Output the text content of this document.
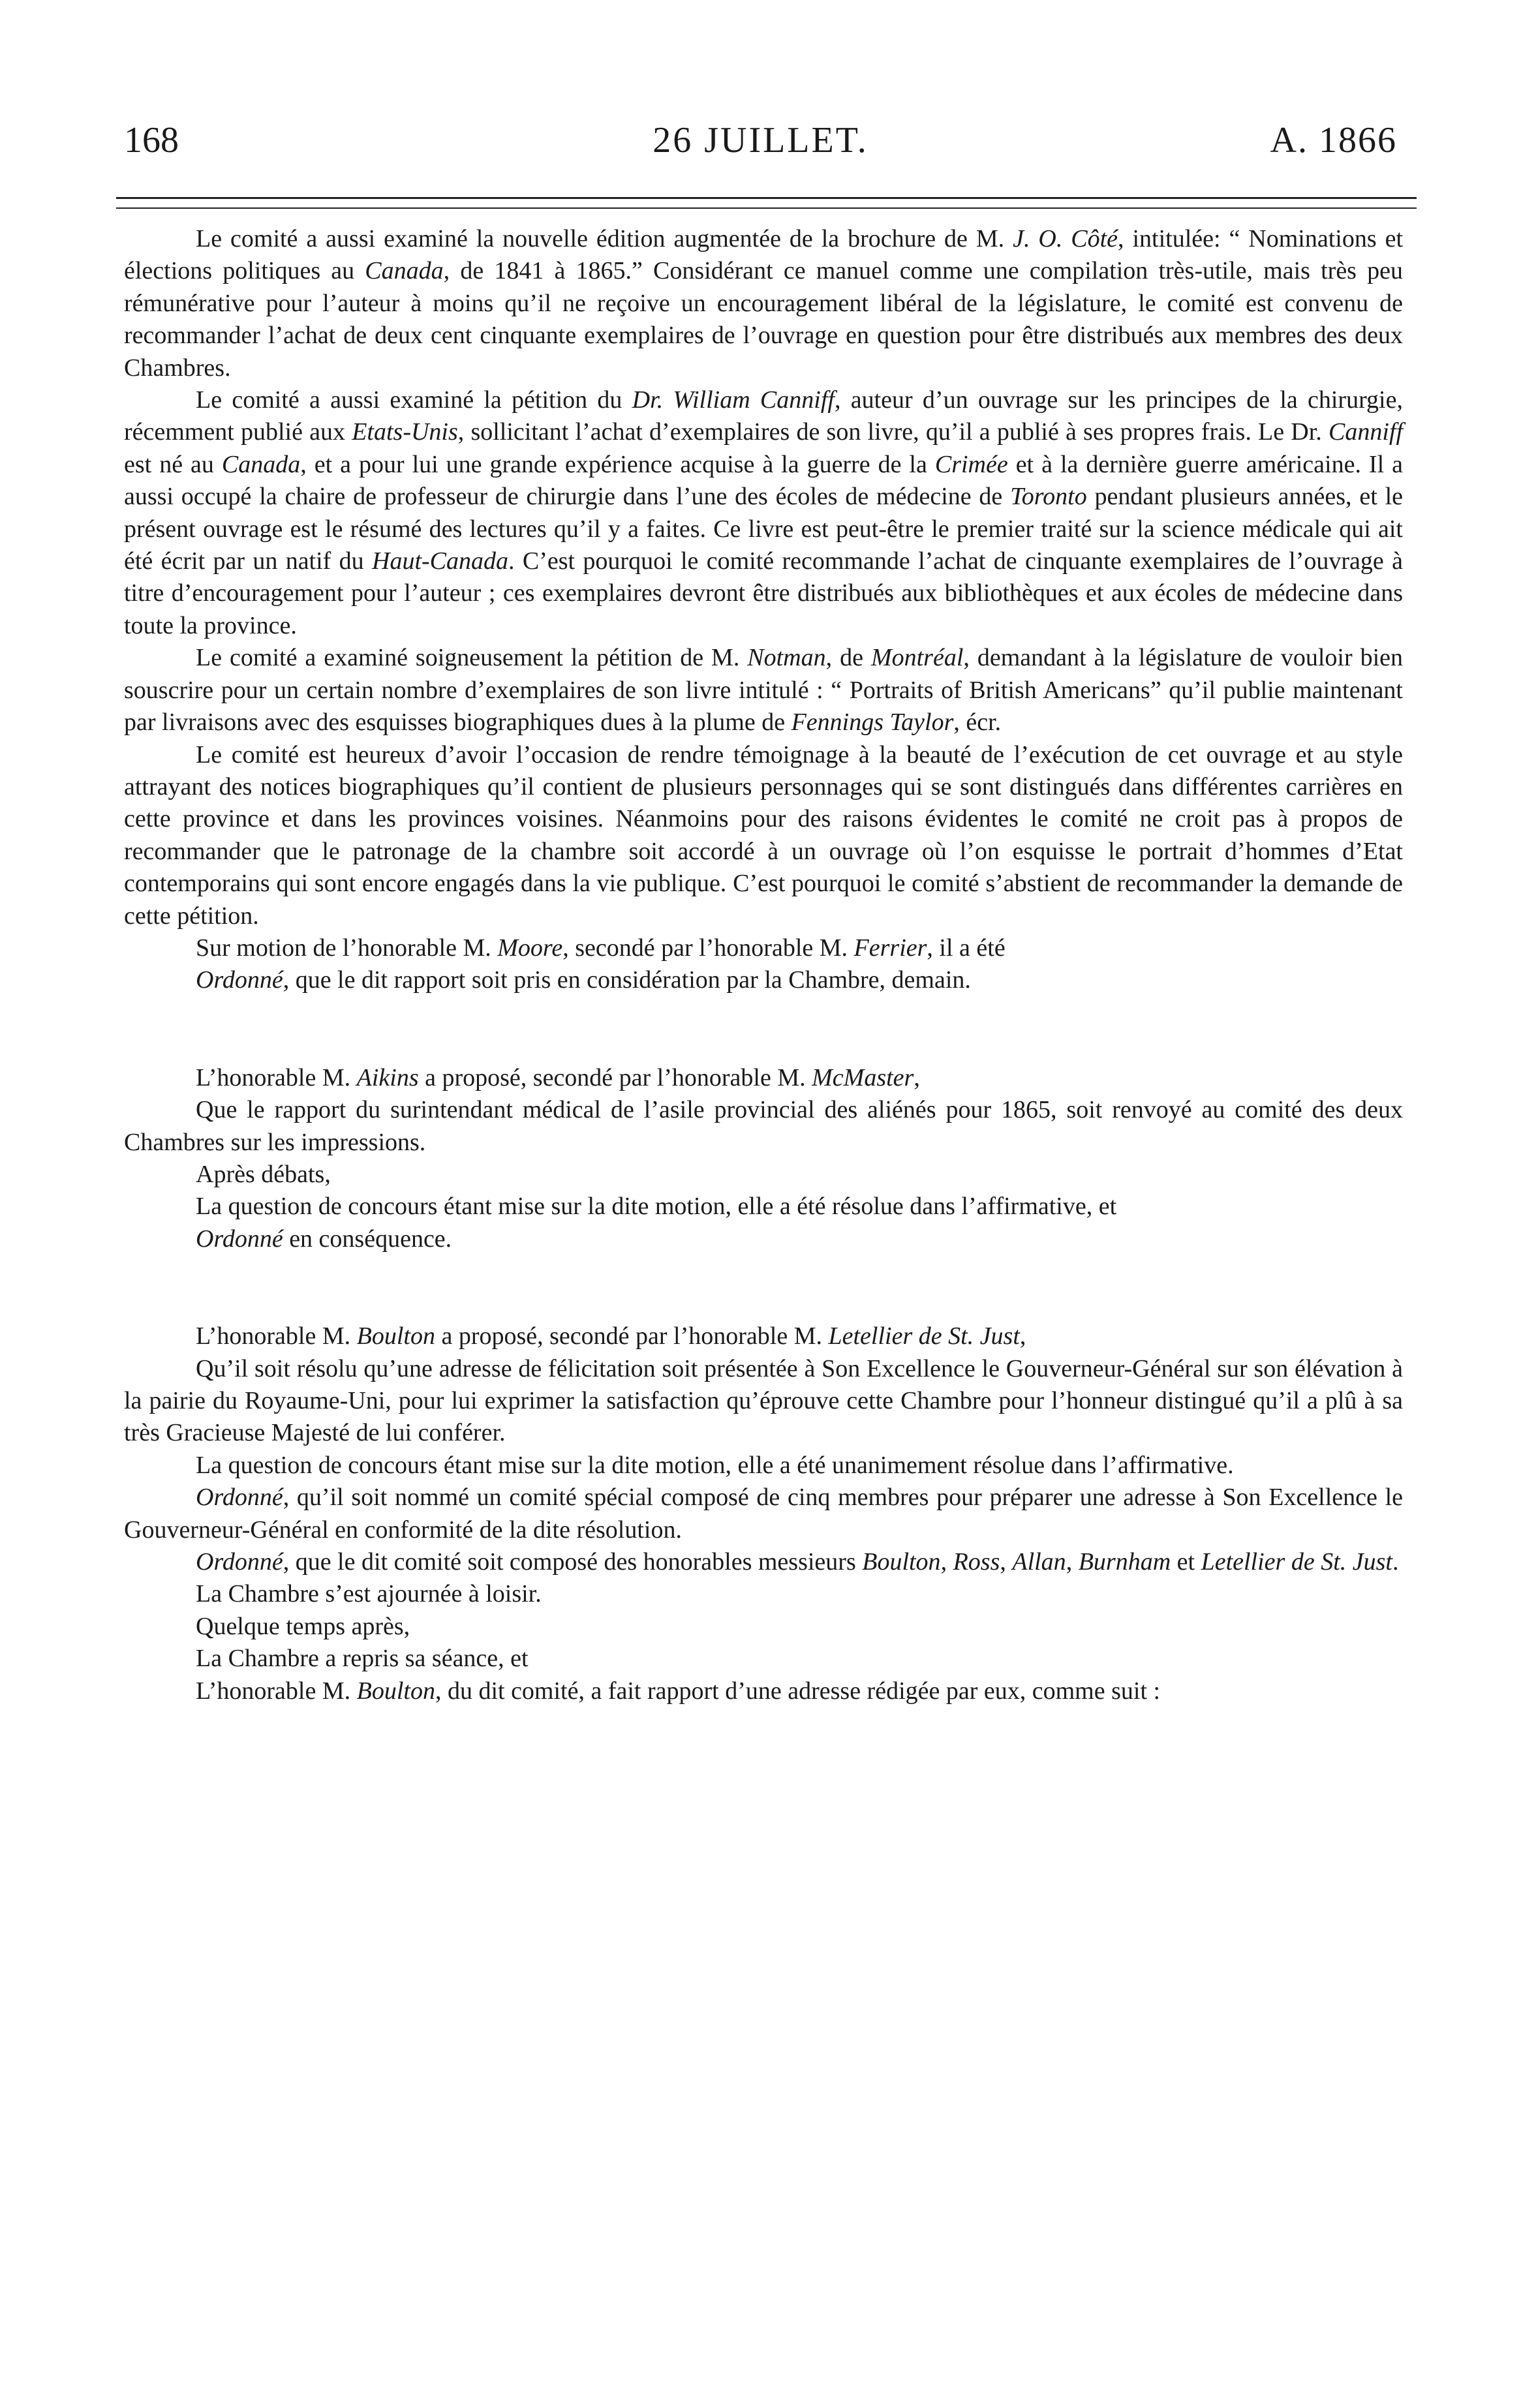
168	26 JUILLET.	A. 1866

Le comité a aussi examiné la nouvelle édition augmentée de la brochure de M. J. O. Côté, intitulée: “ Nominations et élections politiques au Canada, de 1841 à 1865.” Considérant ce manuel comme une compilation très-utile, mais très peu rémunérative pour l’auteur à moins qu’il ne reçoive un encouragement libéral de la législature, le comité est convenu de recommander l’achat de deux cent cinquante exemplaires de l’ouvrage en question pour être distribués aux membres des deux Chambres.

Le comité a aussi examiné la pétition du Dr. William Canniff, auteur d’un ouvrage sur les principes de la chirurgie, récemment publié aux Etats-Unis, sollicitant l’achat d’exemplaires de son livre, qu’il a publié à ses propres frais. Le Dr. Canniff est né au Canada, et a pour lui une grande expérience acquise à la guerre de la Crimée et à la dernière guerre américaine. Il a aussi occupé la chaire de professeur de chirurgie dans l’une des écoles de médecine de Toronto pendant plusieurs années, et le présent ouvrage est le résumé des lectures qu’il y a faites. Ce livre est peut-être le premier traité sur la science médicale qui ait été écrit par un natif du Haut-Canada. C’est pourquoi le comité recommande l’achat de cinquante exemplaires de l’ouvrage à titre d’encouragement pour l’auteur ; ces exemplaires devront être distribués aux bibliothèques et aux écoles de médecine dans toute la province.

Le comité a examiné soigneusement la pétition de M. Notman, de Montréal, demandant à la législature de vouloir bien souscrire pour un certain nombre d’exemplaires de son livre intitulé : “ Portraits of British Americans” qu’il publie maintenant par livraisons avec des esquisses biographiques dues à la plume de Fennings Taylor, écr.

Le comité est heureux d’avoir l’occasion de rendre témoignage à la beauté de l’exécution de cet ouvrage et au style attrayant des notices biographiques qu’il contient de plusieurs personnages qui se sont distingués dans différentes carrières en cette province et dans les provinces voisines. Néanmoins pour des raisons évidentes le comité ne croit pas à propos de recommander que le patronage de la chambre soit accordé à un ouvrage où l’on esquisse le portrait d’hommes d’Etat contemporains qui sont encore engagés dans la vie publique. C’est pourquoi le comité s’abstient de recommander la demande de cette pétition.

Sur motion de l’honorable M. Moore, secondé par l’honorable M. Ferrier, il a été

Ordonné, que le dit rapport soit pris en considération par la Chambre, demain.

L’honorable M. Aikins a proposé, secondé par l’honorable M. McMaster,

Que le rapport du surintendant médical de l’asile provincial des aliénés pour 1865, soit renvoyé au comité des deux Chambres sur les impressions.

Après débats,

La question de concours étant mise sur la dite motion, elle a été résolue dans l’affirmative, et

Ordonné en conséquence.

L’honorable M. Boulton a proposé, secondé par l’honorable M. Letellier de St. Just,

Qu’il soit résolu qu’une adresse de félicitation soit présentée à Son Excellence le Gouverneur-Général sur son élévation à la pairie du Royaume-Uni, pour lui exprimer la satisfaction qu’éprouve cette Chambre pour l’honneur distingué qu’il a plû à sa très Gracieuse Majesté de lui conférer.

La question de concours étant mise sur la dite motion, elle a été unanimement résolue dans l’affirmative.

Ordonné, qu’il soit nommé un comité spécial composé de cinq membres pour préparer une adresse à Son Excellence le Gouverneur-Général en conformité de la dite résolution.

Ordonné, que le dit comité soit composé des honorables messieurs Boulton, Ross, Allan, Burnham et Letellier de St. Just.

La Chambre s’est ajournée à loisir.

Quelque temps après,

La Chambre a repris sa séance, et

L’honorable M. Boulton, du dit comité, a fait rapport d’une adresse rédigée par eux, comme suit :
